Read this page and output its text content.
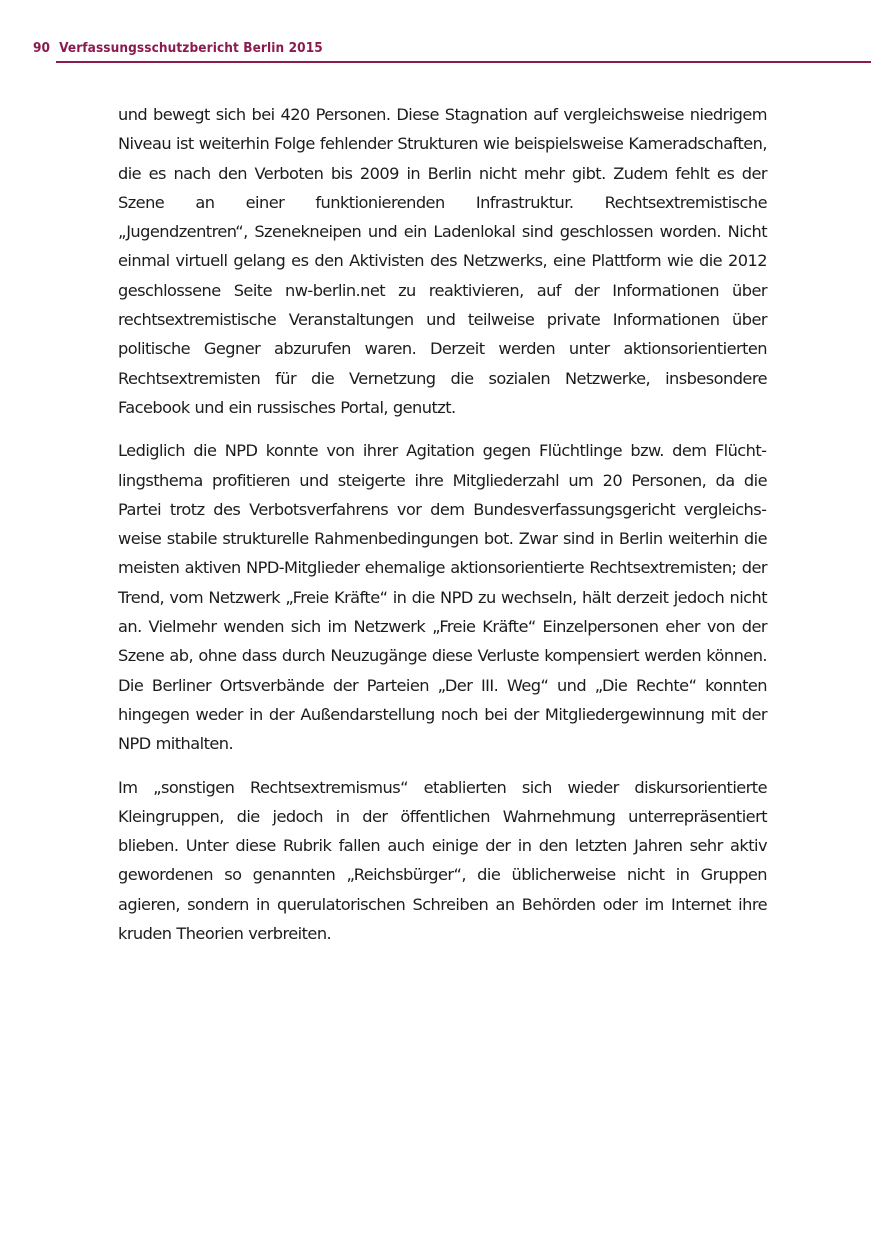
90 Verfassungsschutzbericht Berlin 2015

und bewegt sich bei 420 Personen. Diese Stagnation auf vergleichsweise niedrigem Niveau ist weiterhin Folge fehlender Strukturen wie beispielsweise Kameradschaften, die es nach den Verboten bis 2009 in Berlin nicht mehr gibt. Zudem fehlt es der Szene an einer funktionierenden Infrastruktur. Rechtsextremistische „Jugendzentren“, Szenekneipen und ein Ladenlokal sind geschlossen worden. Nicht einmal virtuell gelang es den Aktivisten des Netzwerks, eine Plattform wie die 2012 geschlossene Seite nw-berlin.net zu reaktivieren, auf der Informationen über rechtsextremistische Veranstaltungen und teilweise private Informationen über politische Gegner abzurufen waren. Derzeit werden unter aktionsorientierten Rechtsextremisten für die Vernetzung die sozialen Netzwerke, insbesondere Facebook und ein russisches Portal, genutzt.

Lediglich die NPD konnte von ihrer Agitation gegen Flüchtlinge bzw. dem Flüchtlingsthema profitieren und steigerte ihre Mitgliederzahl um 20 Personen, da die Partei trotz des Verbotsverfahrens vor dem Bundesverfassungsgericht vergleichsweise stabile strukturelle Rahmenbedingungen bot. Zwar sind in Berlin weiterhin die meisten aktiven NPD-Mitglieder ehemalige aktionsorientierte Rechtsextremisten; der Trend, vom Netzwerk „Freie Kräfte“ in die NPD zu wechseln, hält derzeit jedoch nicht an. Vielmehr wenden sich im Netzwerk „Freie Kräfte“ Einzelpersonen eher von der Szene ab, ohne dass durch Neuzugänge diese Verluste kompensiert werden können. Die Berliner Ortsverbände der Parteien „Der III. Weg“ und „Die Rechte“ konnten hingegen weder in der Außendarstellung noch bei der Mitgliedergewinnung mit der NPD mithalten.

Im „sonstigen Rechtsextremismus“ etablierten sich wieder diskursorientierte Kleingruppen, die jedoch in der öffentlichen Wahrnehmung unterrepräsentiert blieben. Unter diese Rubrik fallen auch einige der in den letzten Jahren sehr aktiv gewordenen so genannten „Reichsbürger“, die üblicherweise nicht in Gruppen agieren, sondern in querulatorischen Schreiben an Behörden oder im Internet ihre kruden Theorien verbreiten.
